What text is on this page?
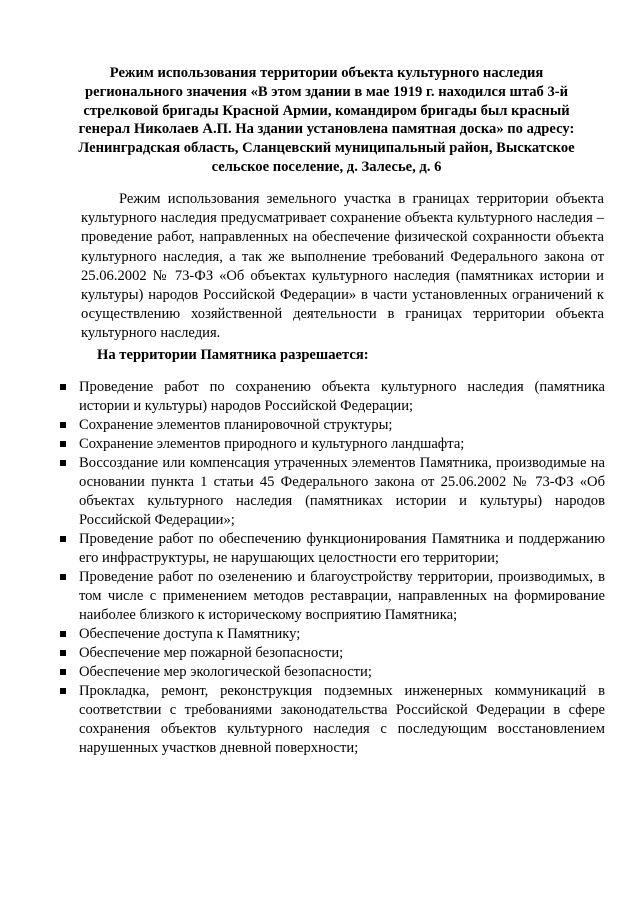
Режим использования территории объекта культурного наследия регионального значения «В этом здании в мае 1919 г. находился штаб 3-й стрелковой бригады Красной Армии, командиром бригады был красный генерал Николаев А.П. На здании установлена памятная доска» по адресу: Ленинградская область, Сланцевский муниципальный район, Выскатское сельское поселение, д. Залесье, д. 6
Режим использования земельного участка в границах территории объекта культурного наследия предусматривает сохранение объекта культурного наследия – проведение работ, направленных на обеспечение физической сохранности объекта культурного наследия, а так же выполнение требований Федерального закона от 25.06.2002 № 73-ФЗ «Об объектах культурного наследия (памятниках истории и культуры) народов Российской Федерации» в части установленных ограничений к осуществлению хозяйственной деятельности в границах территории объекта культурного наследия.
На территории Памятника разрешается:
Проведение работ по сохранению объекта культурного наследия (памятника истории и культуры) народов Российской Федерации;
Сохранение элементов планировочной структуры;
Сохранение элементов природного и культурного ландшафта;
Воссоздание или компенсация утраченных элементов Памятника, производимые на основании пункта 1 статьи 45 Федерального закона от 25.06.2002 № 73-ФЗ «Об объектах культурного наследия (памятниках истории и культуры) народов Российской Федерации»;
Проведение работ по обеспечению функционирования Памятника и поддержанию его инфраструктуры, не нарушающих целостности его территории;
Проведение работ по озеленению и благоустройству территории, производимых, в том числе с применением методов реставрации, направленных на формирование наиболее близкого к историческому восприятию Памятника;
Обеспечение доступа к Памятнику;
Обеспечение мер пожарной безопасности;
Обеспечение мер экологической безопасности;
Прокладка, ремонт, реконструкция подземных инженерных коммуникаций в соответствии с требованиями законодательства Российской Федерации в сфере сохранения объектов культурного наследия с последующим восстановлением нарушенных участков дневной поверхности;
